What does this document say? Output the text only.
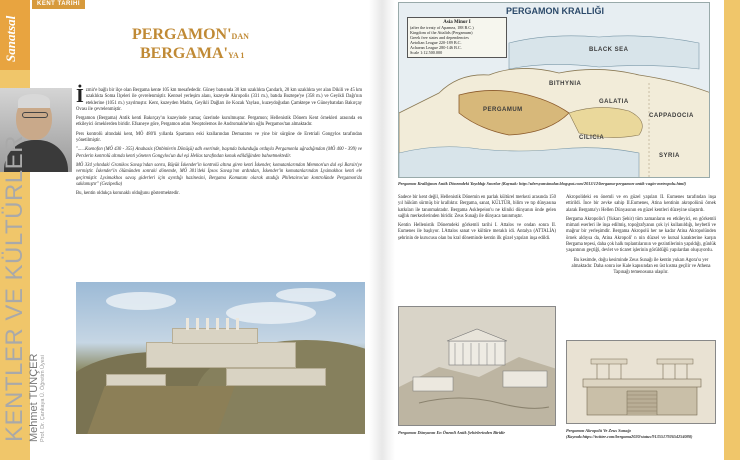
Sanatsal
KENT TARİHİ
KENTLER VE KÜLTÜRLER Mehmet TUNÇER Prof. Dr. Çankaya Ü. Öğretim Üyesi
PERGAMON'DAN
BERGAMA'YA 1

İzmir'e bağlı bir ilçe olan Bergama kente 105 km mesafededir. Güney batısında 30 km uzaklıkta Çandarlı, 20 km uzaklıkta yer alan Dikili ve 45 km uzaklıkta Soma İlçeleri ile çevrelenmiştir. Kentsel yerleşim alanı, kuzeyde Akropolis (331 m.), batıda Boztepe'ye (358 m.) ve Geyikli Dağı'nın eteklerine (1051 m.) yayılmıştır. Kent, kuzeyden Madra, Geyikli Dağları ile Kozak Yaylası, kuzeydoğudan Çamktepe ve Güneybatıdan Bakırçay Ovası ile çevrelenmiştir.

Pergamon (Bergama) Antik kenti Bakırçay'ın kuzeyinde yamaç üzerinde kurulmuştur. Pergamon; Hellenistik Dönem Kent örnekleri arasında en etkileyici örneklerden biridir. Efsaneye göre, Pergamon adını Neoptolemos ile Andromakhe'nin oğlu Pergamos'tan almaktadır.

Pers kontrolü altındaki kent, MÖ 480'li yıllarda Spartanın eski krallarından Demaratos ve yine bir sürgüne de Eretriali Gongylos tarafından yönetilmiştir.

"......Ksenofon (MÖ 430 - 355) Anabasis (Onbinlerin Dönüşü) adlı eserinde, başında bulunduğu orduyla Pergamonla uğradığından (MÖ 400 - 399) ve Perslerin kontrolü altında kenti yöneten Gongylos'un dul eşi Hellas tarafından konuk edildiğinden bahsetmektedir.

MÖ 334 yılındaki Granikos Savaşı'ndan sonra, Büyük İskender'in kontrolü altına giren kenti İskender, komutanlarından Memnon'un dul eşi Barsin'ye vermiştir. İskender'in ölümünden sonraki dönemde, MÖ 301'deki İpsos Savaşı'nın ardından, İskender'in komutanlarından Lysimakhos kenti ele geçirmiştir. Lysimakhos savaş giderleri için ayırdığı hazinesini, Bergama Komutanı olarak atadığı Philetairos'un kontrolünde Pergamon'da saklamıştır" (Gezipedia)

Bu, kentin oldukça korunaklı olduğunu göstermektedir.

PERGAMON KRALLIĞI
Asia Minor I
(after the treaty of Apamea, 188 B.C.)
Kingdom of the Attalids (Pergamum)
Greek free states and dependencies
Aetolian League 220-189 B.C.
Achaean League 280-146 B.C.
Scale 1:12.500.000	BLACK SEA
BITHYNIA
GALATIA
CAPPADOCIA
PERGAMUM
CILICIA
SYRIA
Pergamon Krallığının Antik Dönemdeki Yayıldığı Sınırlar (Kaynak: http://zdersyansimalar.blogspot.com/2013/12/bergama-pergamon-antik-cagin-metropolu.html)

Sadece bir kent değil, Hellenistik Dönemin en parlak kültürel merkezi arasında 150 yıl hüküm sürmüş bir krallıktır. Bergama, sanat, KÜLTÜR, bilim ve tıp dünyasına katkıları ile tanınmaktadır. Bergama Asklepeion'u ne kliniki dünyanın önde gelen sağlık merkezlerinden biridir. Zeus Sunağı ile dünyaca tanınmıştır.

Kentin Hellenistik Dönemdeki görkemli tarihi I. Attalos ve ondan sonra II. Eumenes ile başlıyor. I.Attalos sanat ve kültüre meraklı idi. Antalya (ATTALİA) şehrinin de kurucusu olan bu kral döneminde kentin ilk güzel yapıları inşa edildi.

Pergamon Dünyanın En Önemli Antik Şehirlerinden Biridir

Akropolideki en önemli ve en güzel yapıları II. Eumenes tarafından inşa ettirildi. İnce bir zevke sahip II.Eumenes, Atina kentinin akropolünü örnek alarak Bergama'yı Hellen Dünyasının en güzel kentleri düzeyine ulaştırdı.

Bergama Akropolis'i (Yukarı Şehir) tüm zamanların en etkileyici, en görkemli mimari eserleri ile inşa edilmiş, topoğrafyanın çok iyi kullanıldığı, heybetli ve mağrur bir yerleşimdir. Bergama Akropolü her ne kadar Atina Akropolünden örnek aldıysa da, Atina Akropoli' n nin düzsel ve kutsal karakterine karşın Bergama tepesi, daha çok halk toplantılarının ve gezintilerinin yapıldığı, günlük yaşantının geçtiği, devlet ve ticaret işlerinin görüldüğü yapılardan oluşuyordu.

Bu kesimde, doğu kesiminde Zeus Sunağı ile kentin yukarı Agora'sı yer almaktadır. Daha sonra ise Kale kapısından en üst kısma geçilir ve Athena Tapınağı temenosuna ulaşılır.

Pergamon Akropolü Ve Zeus Sunağı (Kaynak:https://twitter.com/bergama2020/status/913551792654254080)
